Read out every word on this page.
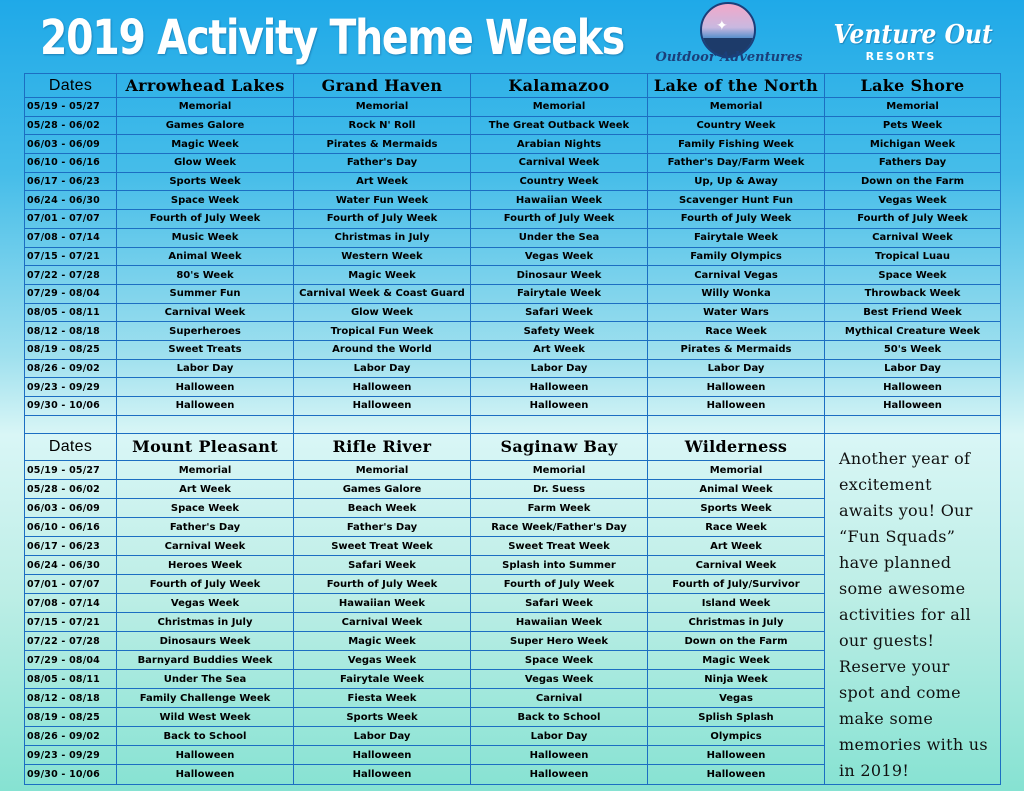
2019 Activity Theme Weeks	✦
Outdoor Adventures
Venture Out
RESORTS
Dates	Arrowhead Lakes	Grand Haven	Kalamazoo	Lake of the North	Lake Shore
05/19 - 05/27	Memorial	Memorial	Memorial	Memorial	Memorial
05/28 - 06/02	Games Galore	Rock N' Roll	The Great Outback Week	Country Week	Pets Week
06/03 - 06/09	Magic Week	Pirates & Mermaids	Arabian Nights	Family Fishing Week	Michigan Week
06/10 - 06/16	Glow Week	Father's Day	Carnival Week	Father's Day/Farm Week	Fathers Day
06/17 - 06/23	Sports Week	Art Week	Country Week	Up, Up & Away	Down on the Farm
06/24 - 06/30	Space Week	Water Fun Week	Hawaiian Week	Scavenger Hunt Fun	Vegas Week
07/01 - 07/07	Fourth of July Week	Fourth of July Week	Fourth of July Week	Fourth of July Week	Fourth of July Week
07/08 - 07/14	Music Week	Christmas in July	Under the Sea	Fairytale Week	Carnival Week
07/15 - 07/21	Animal Week	Western Week	Vegas Week	Family Olympics	Tropical Luau
07/22 - 07/28	80's Week	Magic Week	Dinosaur Week	Carnival Vegas	Space Week
07/29 - 08/04	Summer Fun	Carnival Week & Coast Guard	Fairytale Week	Willy Wonka	Throwback Week
08/05 - 08/11	Carnival Week	Glow Week	Safari Week	Water Wars	Best Friend Week
08/12 - 08/18	Superheroes	Tropical Fun Week	Safety Week	Race Week	Mythical Creature Week
08/19 - 08/25	Sweet Treats	Around the World	Art Week	Pirates & Mermaids	50's Week
08/26 - 09/02	Labor Day	Labor Day	Labor Day	Labor Day	Labor Day
09/23 - 09/29	Halloween	Halloween	Halloween	Halloween	Halloween
09/30 - 10/06	Halloween	Halloween	Halloween	Halloween	Halloween

Dates	Mount Pleasant	Rifle River	Saginaw Bay	Wilderness	Another year of excitement awaits you! Our “Fun Squads” have planned some awesome activities for all our guests! Reserve your spot and come make some memories with us in 2019!
05/19 - 05/27	Memorial	Memorial	Memorial	Memorial	
05/28 - 06/02	Art Week	Games Galore	Dr. Suess	Animal Week	
06/03 - 06/09	Space Week	Beach Week	Farm Week	Sports Week	
06/10 - 06/16	Father's Day	Father's Day	Race Week/Father's Day	Race Week	
06/17 - 06/23	Carnival Week	Sweet Treat Week	Sweet Treat Week	Art Week	
06/24 - 06/30	Heroes Week	Safari Week	Splash into Summer	Carnival Week	
07/01 - 07/07	Fourth of July Week	Fourth of July Week	Fourth of July Week	Fourth of July/Survivor	
07/08 - 07/14	Vegas Week	Hawaiian Week	Safari Week	Island Week	
07/15 - 07/21	Christmas in July	Carnival Week	Hawaiian Week	Christmas in July	
07/22 - 07/28	Dinosaurs Week	Magic Week	Super Hero Week	Down on the Farm	
07/29 - 08/04	Barnyard Buddies Week	Vegas Week	Space Week	Magic Week	
08/05 - 08/11	Under The Sea	Fairytale Week	Vegas Week	Ninja Week	
08/12 - 08/18	Family Challenge Week	Fiesta Week	Carnival	Vegas	
08/19 - 08/25	Wild West Week	Sports Week	Back to School	Splish Splash	
08/26 - 09/02	Back to School	Labor Day	Labor Day	Olympics	
09/23 - 09/29	Halloween	Halloween	Halloween	Halloween	
09/30 - 10/06	Halloween	Halloween	Halloween	Halloween	
